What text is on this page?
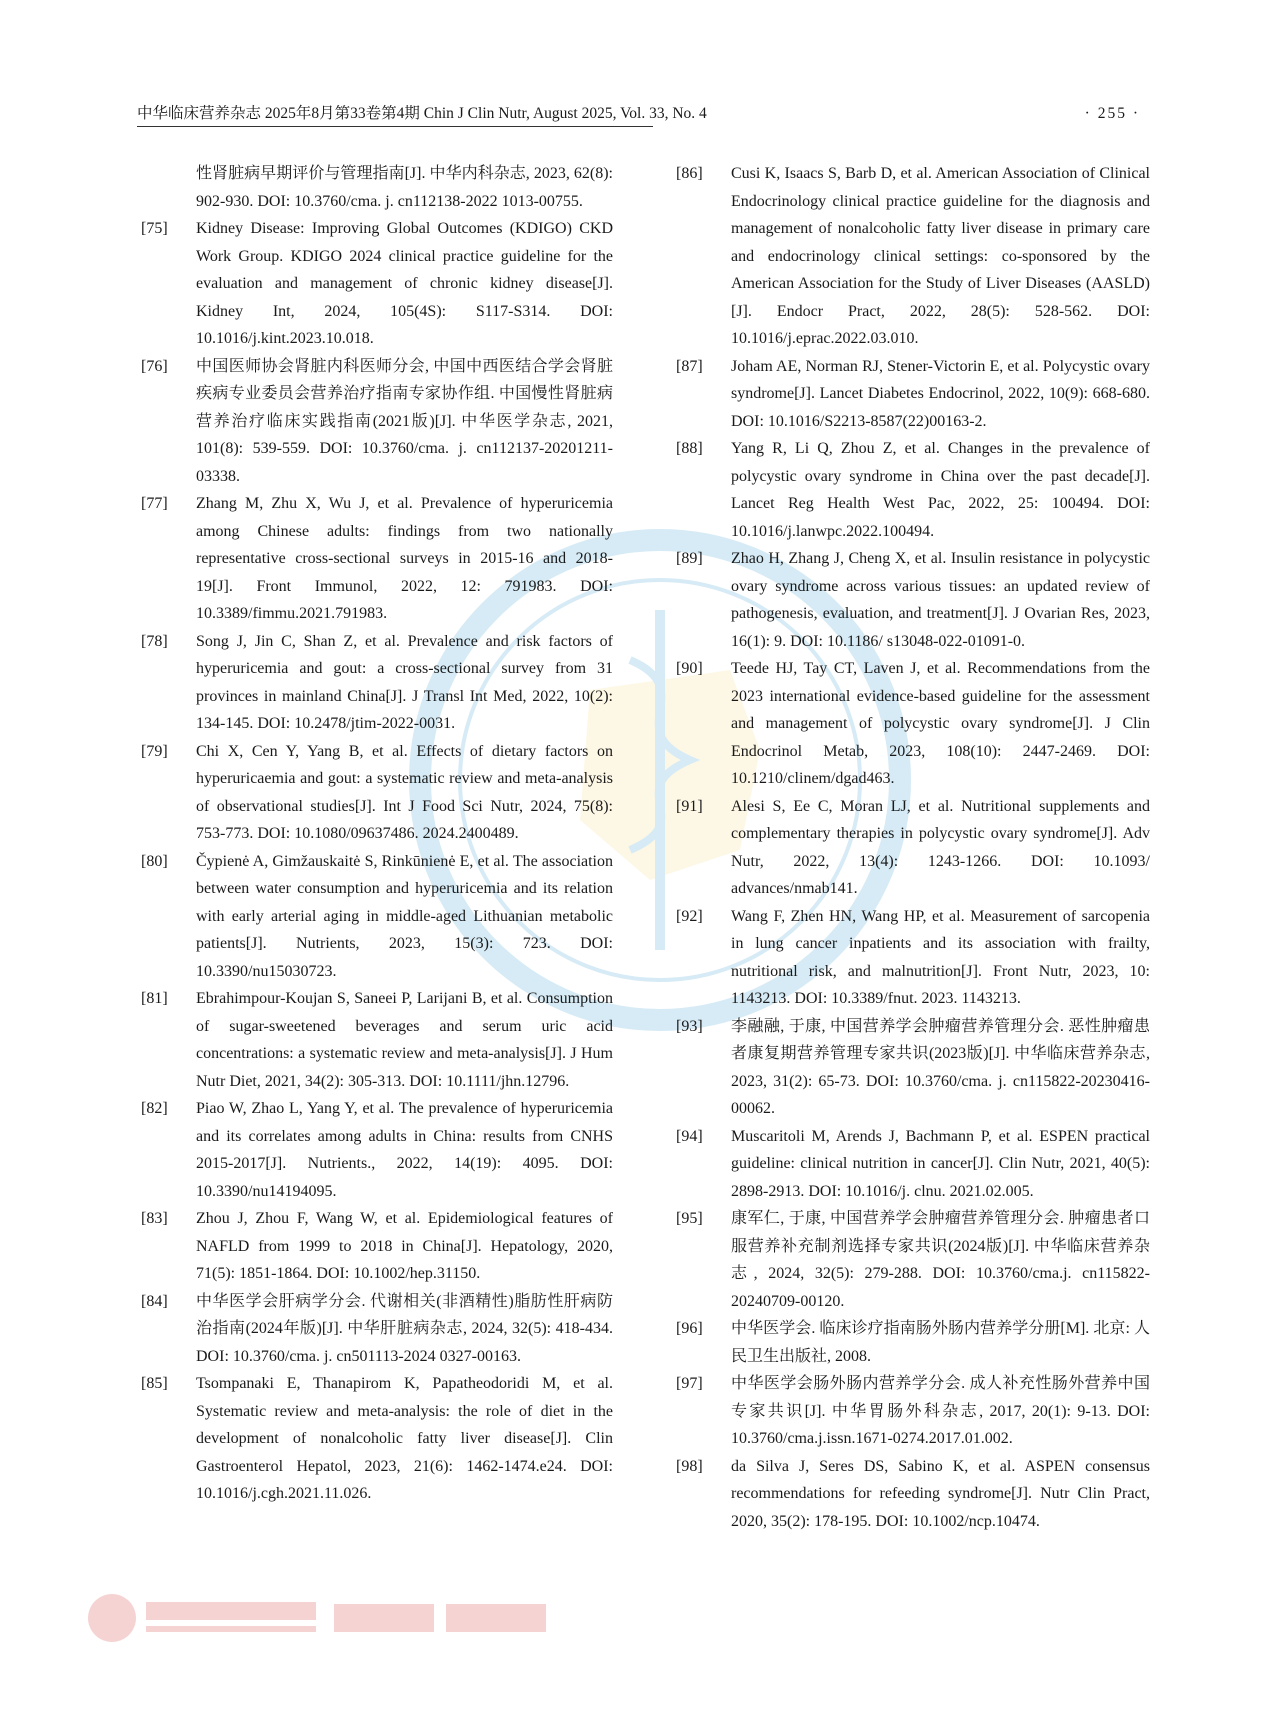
中华临床营养杂志 2025年8月第33卷第4期 Chin J Clin Nutr, August 2025, Vol. 33, No. 4	· 255 ·
性肾脏病早期评价与管理指南[J]. 中华内科杂志, 2023, 62(8): 902-930. DOI: 10.3760/cma. j. cn112138-2022 1013-00755.
[75]	Kidney Disease: Improving Global Outcomes (KDIGO) CKD Work Group. KDIGO 2024 clinical practice guideline for the evaluation and management of chronic kidney disease[J]. Kidney Int, 2024, 105(4S): S117-S314. DOI: 10.1016/j.kint.2023.10.018.
[76]	中国医师协会肾脏内科医师分会, 中国中西医结合学会肾脏疾病专业委员会营养治疗指南专家协作组. 中国慢性肾脏病营养治疗临床实践指南(2021版)[J]. 中华医学杂志, 2021, 101(8): 539-559. DOI: 10.3760/cma. j. cn112137-20201211-03338.
[77]	Zhang M, Zhu X, Wu J, et al. Prevalence of hyperuricemia among Chinese adults: findings from two nationally representative cross-sectional surveys in 2015-16 and 2018-19[J]. Front Immunol, 2022, 12: 791983. DOI: 10.3389/fimmu.2021.791983.
[78]	Song J, Jin C, Shan Z, et al. Prevalence and risk factors of hyperuricemia and gout: a cross-sectional survey from 31 provinces in mainland China[J]. J Transl Int Med, 2022, 10(2): 134-145. DOI: 10.2478/jtim-2022-0031.
[79]	Chi X, Cen Y, Yang B, et al. Effects of dietary factors on hyperuricaemia and gout: a systematic review and meta-analysis of observational studies[J]. Int J Food Sci Nutr, 2024, 75(8): 753-773. DOI: 10.1080/09637486. 2024.2400489.
[80]	Čypienė A, Gimžauskaitė S, Rinkūnienė E, et al. The association between water consumption and hyperuricemia and its relation with early arterial aging in middle-aged Lithuanian metabolic patients[J]. Nutrients, 2023, 15(3): 723. DOI: 10.3390/nu15030723.
[81]	Ebrahimpour-Koujan S, Saneei P, Larijani B, et al. Consumption of sugar-sweetened beverages and serum uric acid concentrations: a systematic review and meta-analysis[J]. J Hum Nutr Diet, 2021, 34(2): 305-313. DOI: 10.1111/jhn.12796.
[82]	Piao W, Zhao L, Yang Y, et al. The prevalence of hyperuricemia and its correlates among adults in China: results from CNHS 2015-2017[J]. Nutrients., 2022, 14(19): 4095. DOI: 10.3390/nu14194095.
[83]	Zhou J, Zhou F, Wang W, et al. Epidemiological features of NAFLD from 1999 to 2018 in China[J]. Hepatology, 2020, 71(5): 1851-1864. DOI: 10.1002/hep.31150.
[84]	中华医学会肝病学分会. 代谢相关(非酒精性)脂肪性肝病防治指南(2024年版)[J]. 中华肝脏病杂志, 2024, 32(5): 418-434. DOI: 10.3760/cma. j. cn501113-2024 0327-00163.
[85]	Tsompanaki E, Thanapirom K, Papatheodoridi M, et al. Systematic review and meta-analysis: the role of diet in the development of nonalcoholic fatty liver disease[J]. Clin Gastroenterol Hepatol, 2023, 21(6): 1462-1474.e24. DOI: 10.1016/j.cgh.2021.11.026.
[86]	Cusi K, Isaacs S, Barb D, et al. American Association of Clinical Endocrinology clinical practice guideline for the diagnosis and management of nonalcoholic fatty liver disease in primary care and endocrinology clinical settings: co-sponsored by the American Association for the Study of Liver Diseases (AASLD) [J]. Endocr Pract, 2022, 28(5): 528-562. DOI: 10.1016/j.eprac.2022.03.010.
[87]	Joham AE, Norman RJ, Stener-Victorin E, et al. Polycystic ovary syndrome[J]. Lancet Diabetes Endocrinol, 2022, 10(9): 668-680. DOI: 10.1016/S2213-8587(22)00163-2.
[88]	Yang R, Li Q, Zhou Z, et al. Changes in the prevalence of polycystic ovary syndrome in China over the past decade[J]. Lancet Reg Health West Pac, 2022, 25: 100494. DOI: 10.1016/j.lanwpc.2022.100494.
[89]	Zhao H, Zhang J, Cheng X, et al. Insulin resistance in polycystic ovary syndrome across various tissues: an updated review of pathogenesis, evaluation, and treatment[J]. J Ovarian Res, 2023, 16(1): 9. DOI: 10.1186/ s13048-022-01091-0.
[90]	Teede HJ, Tay CT, Laven J, et al. Recommendations from the 2023 international evidence-based guideline for the assessment and management of polycystic ovary syndrome[J]. J Clin Endocrinol Metab, 2023, 108(10): 2447-2469. DOI: 10.1210/clinem/dgad463.
[91]	Alesi S, Ee C, Moran LJ, et al. Nutritional supplements and complementary therapies in polycystic ovary syndrome[J]. Adv Nutr, 2022, 13(4): 1243-1266. DOI: 10.1093/ advances/nmab141.
[92]	Wang F, Zhen HN, Wang HP, et al. Measurement of sarcopenia in lung cancer inpatients and its association with frailty, nutritional risk, and malnutrition[J]. Front Nutr, 2023, 10: 1143213. DOI: 10.3389/fnut. 2023. 1143213.
[93]	李融融, 于康, 中国营养学会肿瘤营养管理分会. 恶性肿瘤患者康复期营养管理专家共识(2023版)[J]. 中华临床营养杂志, 2023, 31(2): 65-73. DOI: 10.3760/cma. j. cn115822-20230416-00062.
[94]	Muscaritoli M, Arends J, Bachmann P, et al. ESPEN practical guideline: clinical nutrition in cancer[J]. Clin Nutr, 2021, 40(5): 2898-2913. DOI: 10.1016/j. clnu. 2021.02.005.
[95]	康军仁, 于康, 中国营养学会肿瘤营养管理分会. 肿瘤患者口服营养补充制剂选择专家共识(2024版)[J]. 中华临床营养杂志, 2024, 32(5): 279-288. DOI: 10.3760/cma.j. cn115822-20240709-00120.
[96]	中华医学会. 临床诊疗指南肠外肠内营养学分册[M]. 北京: 人民卫生出版社, 2008.
[97]	中华医学会肠外肠内营养学分会. 成人补充性肠外营养中国专家共识[J]. 中华胃肠外科杂志, 2017, 20(1): 9-13. DOI: 10.3760/cma.j.issn.1671-0274.2017.01.002.
[98]	da Silva J, Seres DS, Sabino K, et al. ASPEN consensus recommendations for refeeding syndrome[J]. Nutr Clin Pract, 2020, 35(2): 178-195. DOI: 10.1002/ncp.10474.
